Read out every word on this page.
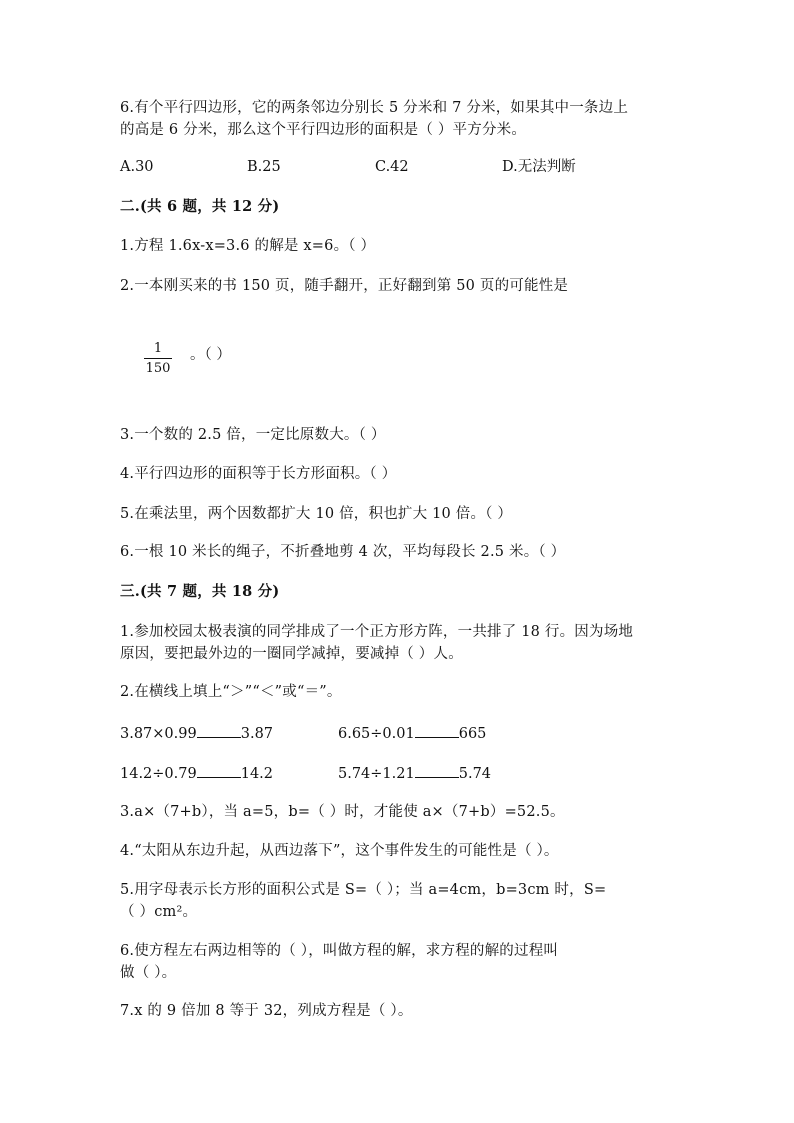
6.有个平行四边形，它的两条邻边分别长 5 分米和 7 分米，如果其中一条边上
的高是 6 分米，那么这个平行四边形的面积是（ ）平方分米。
A.30	B.25	C.42	D.无法判断
二.(共 6 题，共 12 分)
1.方程 1.6x-x=3.6 的解是 x=6。（ ）
2.一本刚买来的书 150 页，随手翻开，正好翻到第 50 页的可能性是
1
150
。（ ）
3.一个数的 2.5 倍，一定比原数大。（ ）
4.平行四边形的面积等于长方形面积。（ ）
5.在乘法里，两个因数都扩大 10 倍，积也扩大 10 倍。（ ）
6.一根 10 米长的绳子，不折叠地剪 4 次，平均每段长 2.5 米。（ ）
三.(共 7 题，共 18 分)
1.参加校园太极表演的同学排成了一个正方形方阵，一共排了 18 行。因为场地
原因，要把最外边的一圈同学减掉，要减掉（ ）人。
2.在横线上填上“＞”“＜”或“＝”。
3.87×0.99	3.87	6.65÷0.01	665
14.2÷0.79	14.2	5.74÷1.21	5.74
3.a×（7+b），当 a=5，b=（ ）时，才能使 a×（7+b）=52.5。
4.“太阳从东边升起，从西边落下”，这个事件发生的可能性是（ ）。
5.用字母表示长方形的面积公式是 S=（ ）；当 a=4cm，b=3cm 时，S=
（ ）cm²。
6.使方程左右两边相等的（ ），叫做方程的解，求方程的解的过程叫
做（ ）。
7.x 的 9 倍加 8 等于 32，列成方程是（ ）。
